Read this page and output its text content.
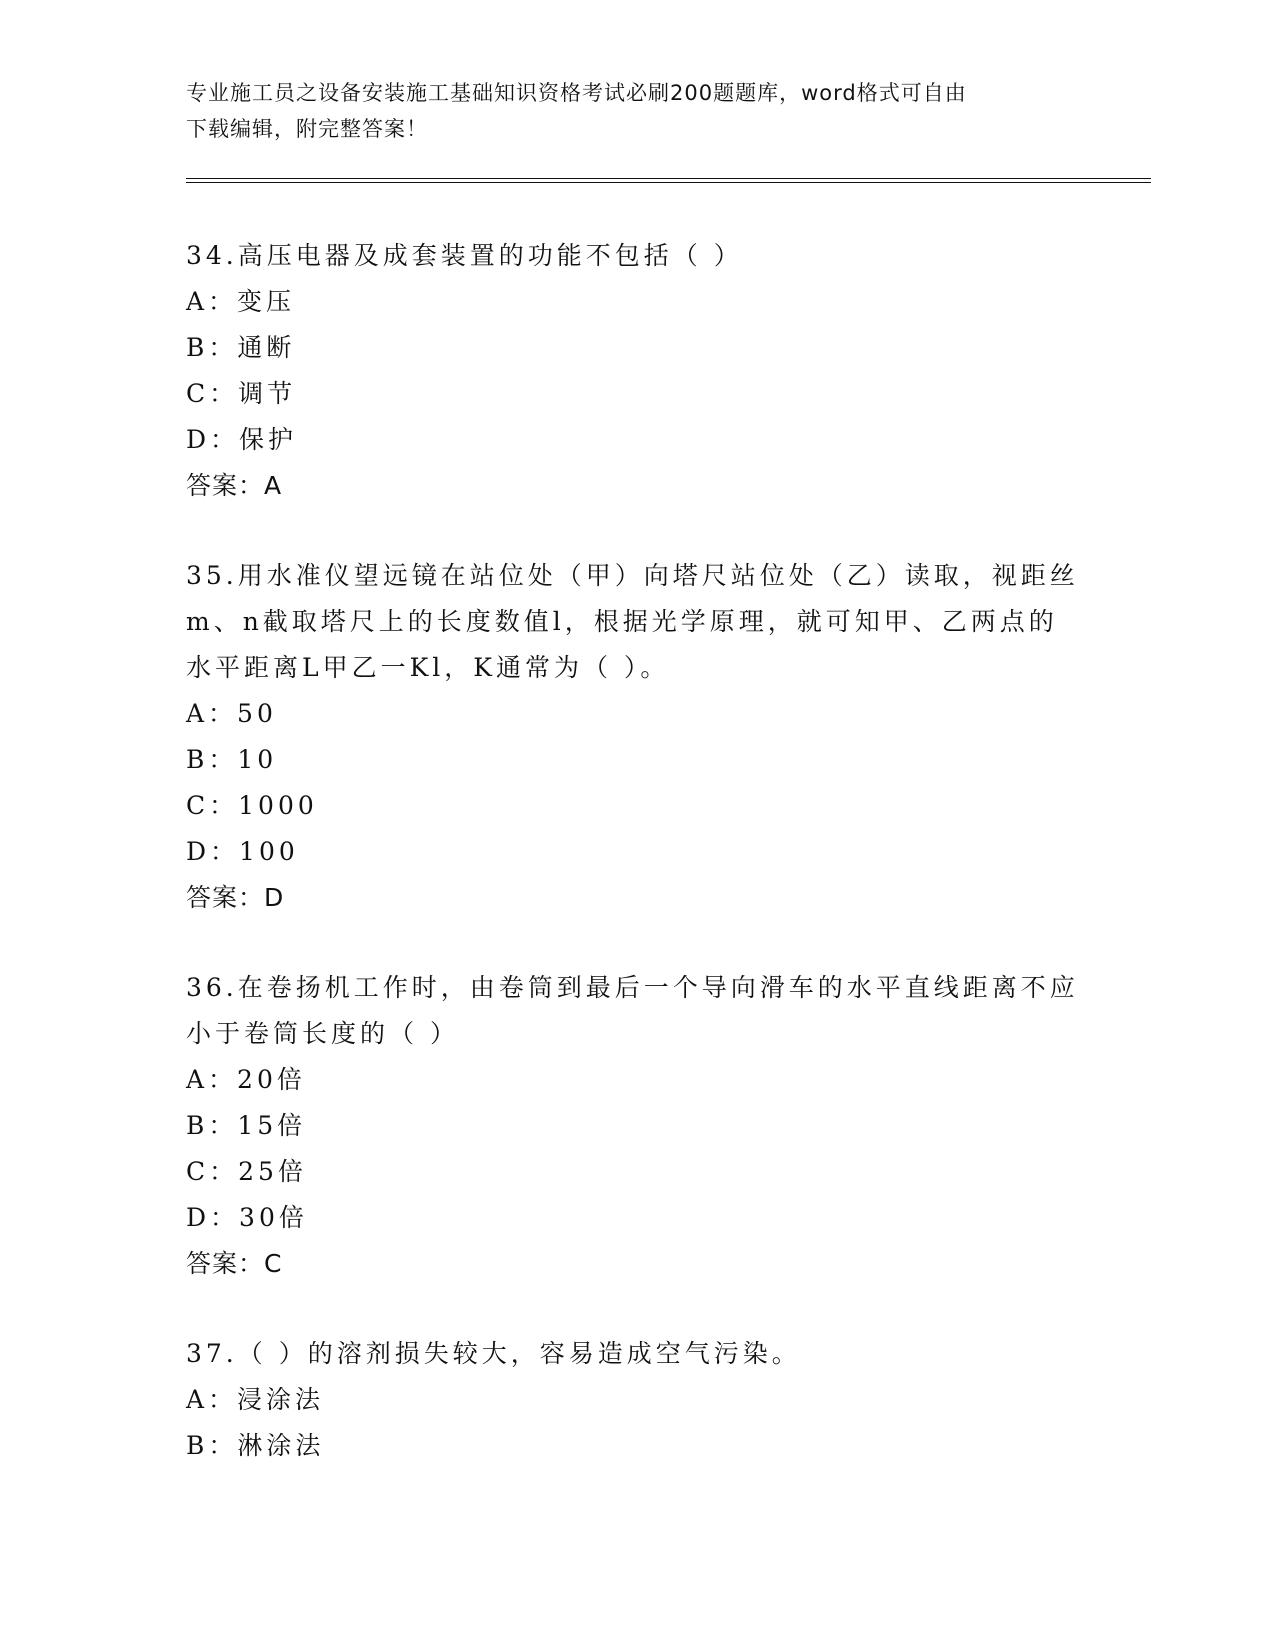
专业施工员之设备安装施工基础知识资格考试必刷200题题库，word格式可自由
下载编辑，附完整答案！
34.高压电器及成套装置的功能不包括（ ）
A：变压
B：通断
C：调节
D：保护
答案：A
35.用水准仪望远镜在站位处（甲）向塔尺站位处（乙）读取，视距丝
m、n截取塔尺上的长度数值l，根据光学原理，就可知甲、乙两点的
水平距离L甲乙一Kl，K通常为（ ）。
A：50
B：10
C：1000
D：100
答案：D
36.在卷扬机工作时，由卷筒到最后一个导向滑车的水平直线距离不应
小于卷筒长度的（ ）
A：20倍
B：15倍
C：25倍
D：30倍
答案：C
37.（ ）的溶剂损失较大，容易造成空气污染。
A：浸涂法
B：淋涂法
